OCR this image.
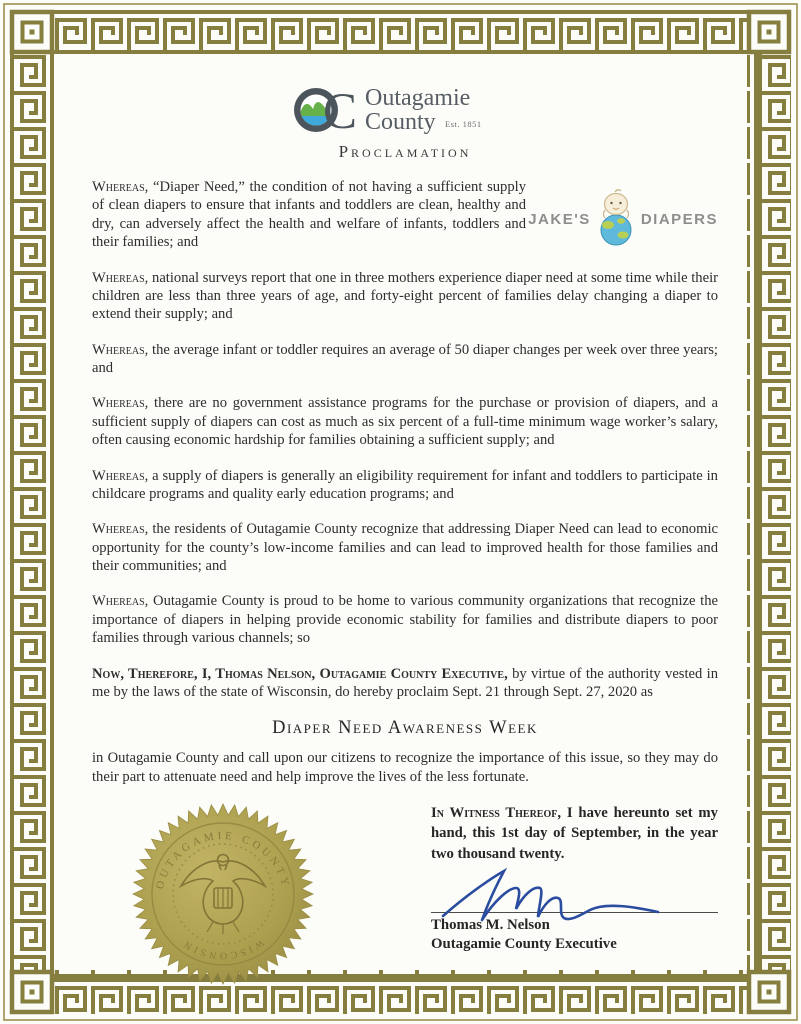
C Outagamie
County Est. 1851
Proclamation

Whereas, “Diaper Need,” the condition of not having a sufficient supply of clean diapers to ensure that infants and toddlers are clean, healthy and dry, can adversely affect the health and welfare of infants, toddlers and their families; and

JAKE'S	DIAPERS

Whereas, national surveys report that one in three mothers experience diaper need at some time while their children are less than three years of age, and forty-eight percent of families delay changing a diaper to extend their supply; and

Whereas, the average infant or toddler requires an average of 50 diaper changes per week over three years; and

Whereas, there are no government assistance programs for the purchase or provision of diapers, and a sufficient supply of diapers can cost as much as six percent of a full-time minimum wage worker’s salary, often causing economic hardship for families obtaining a sufficient supply; and

Whereas, a supply of diapers is generally an eligibility requirement for infant and toddlers to participate in childcare programs and quality early education programs; and

Whereas, the residents of Outagamie County recognize that addressing Diaper Need can lead to economic opportunity for the county’s low-income families and can lead to improved health for those families and their communities; and

Whereas, Outagamie County is proud to be home to various community organizations that recognize the importance of diapers in helping provide economic stability for families and distribute diapers to poor families through various channels; so

Now, Therefore, I, Thomas Nelson, Outagamie County Executive, by virtue of the authority vested in me by the laws of the state of Wisconsin, do hereby proclaim Sept. 21 through Sept. 27, 2020 as

Diaper Need Awareness Week

in Outagamie County and call upon our citizens to recognize the importance of this issue, so they may do their part to attenuate need and help improve the lives of the less fortunate.

OUTAGAMIE COUNTY
WISCONSIN

In Witness Thereof, I have hereunto set my hand, this 1st day of September, in the year two thousand twenty.

Thomas M. Nelson
Outagamie County Executive
